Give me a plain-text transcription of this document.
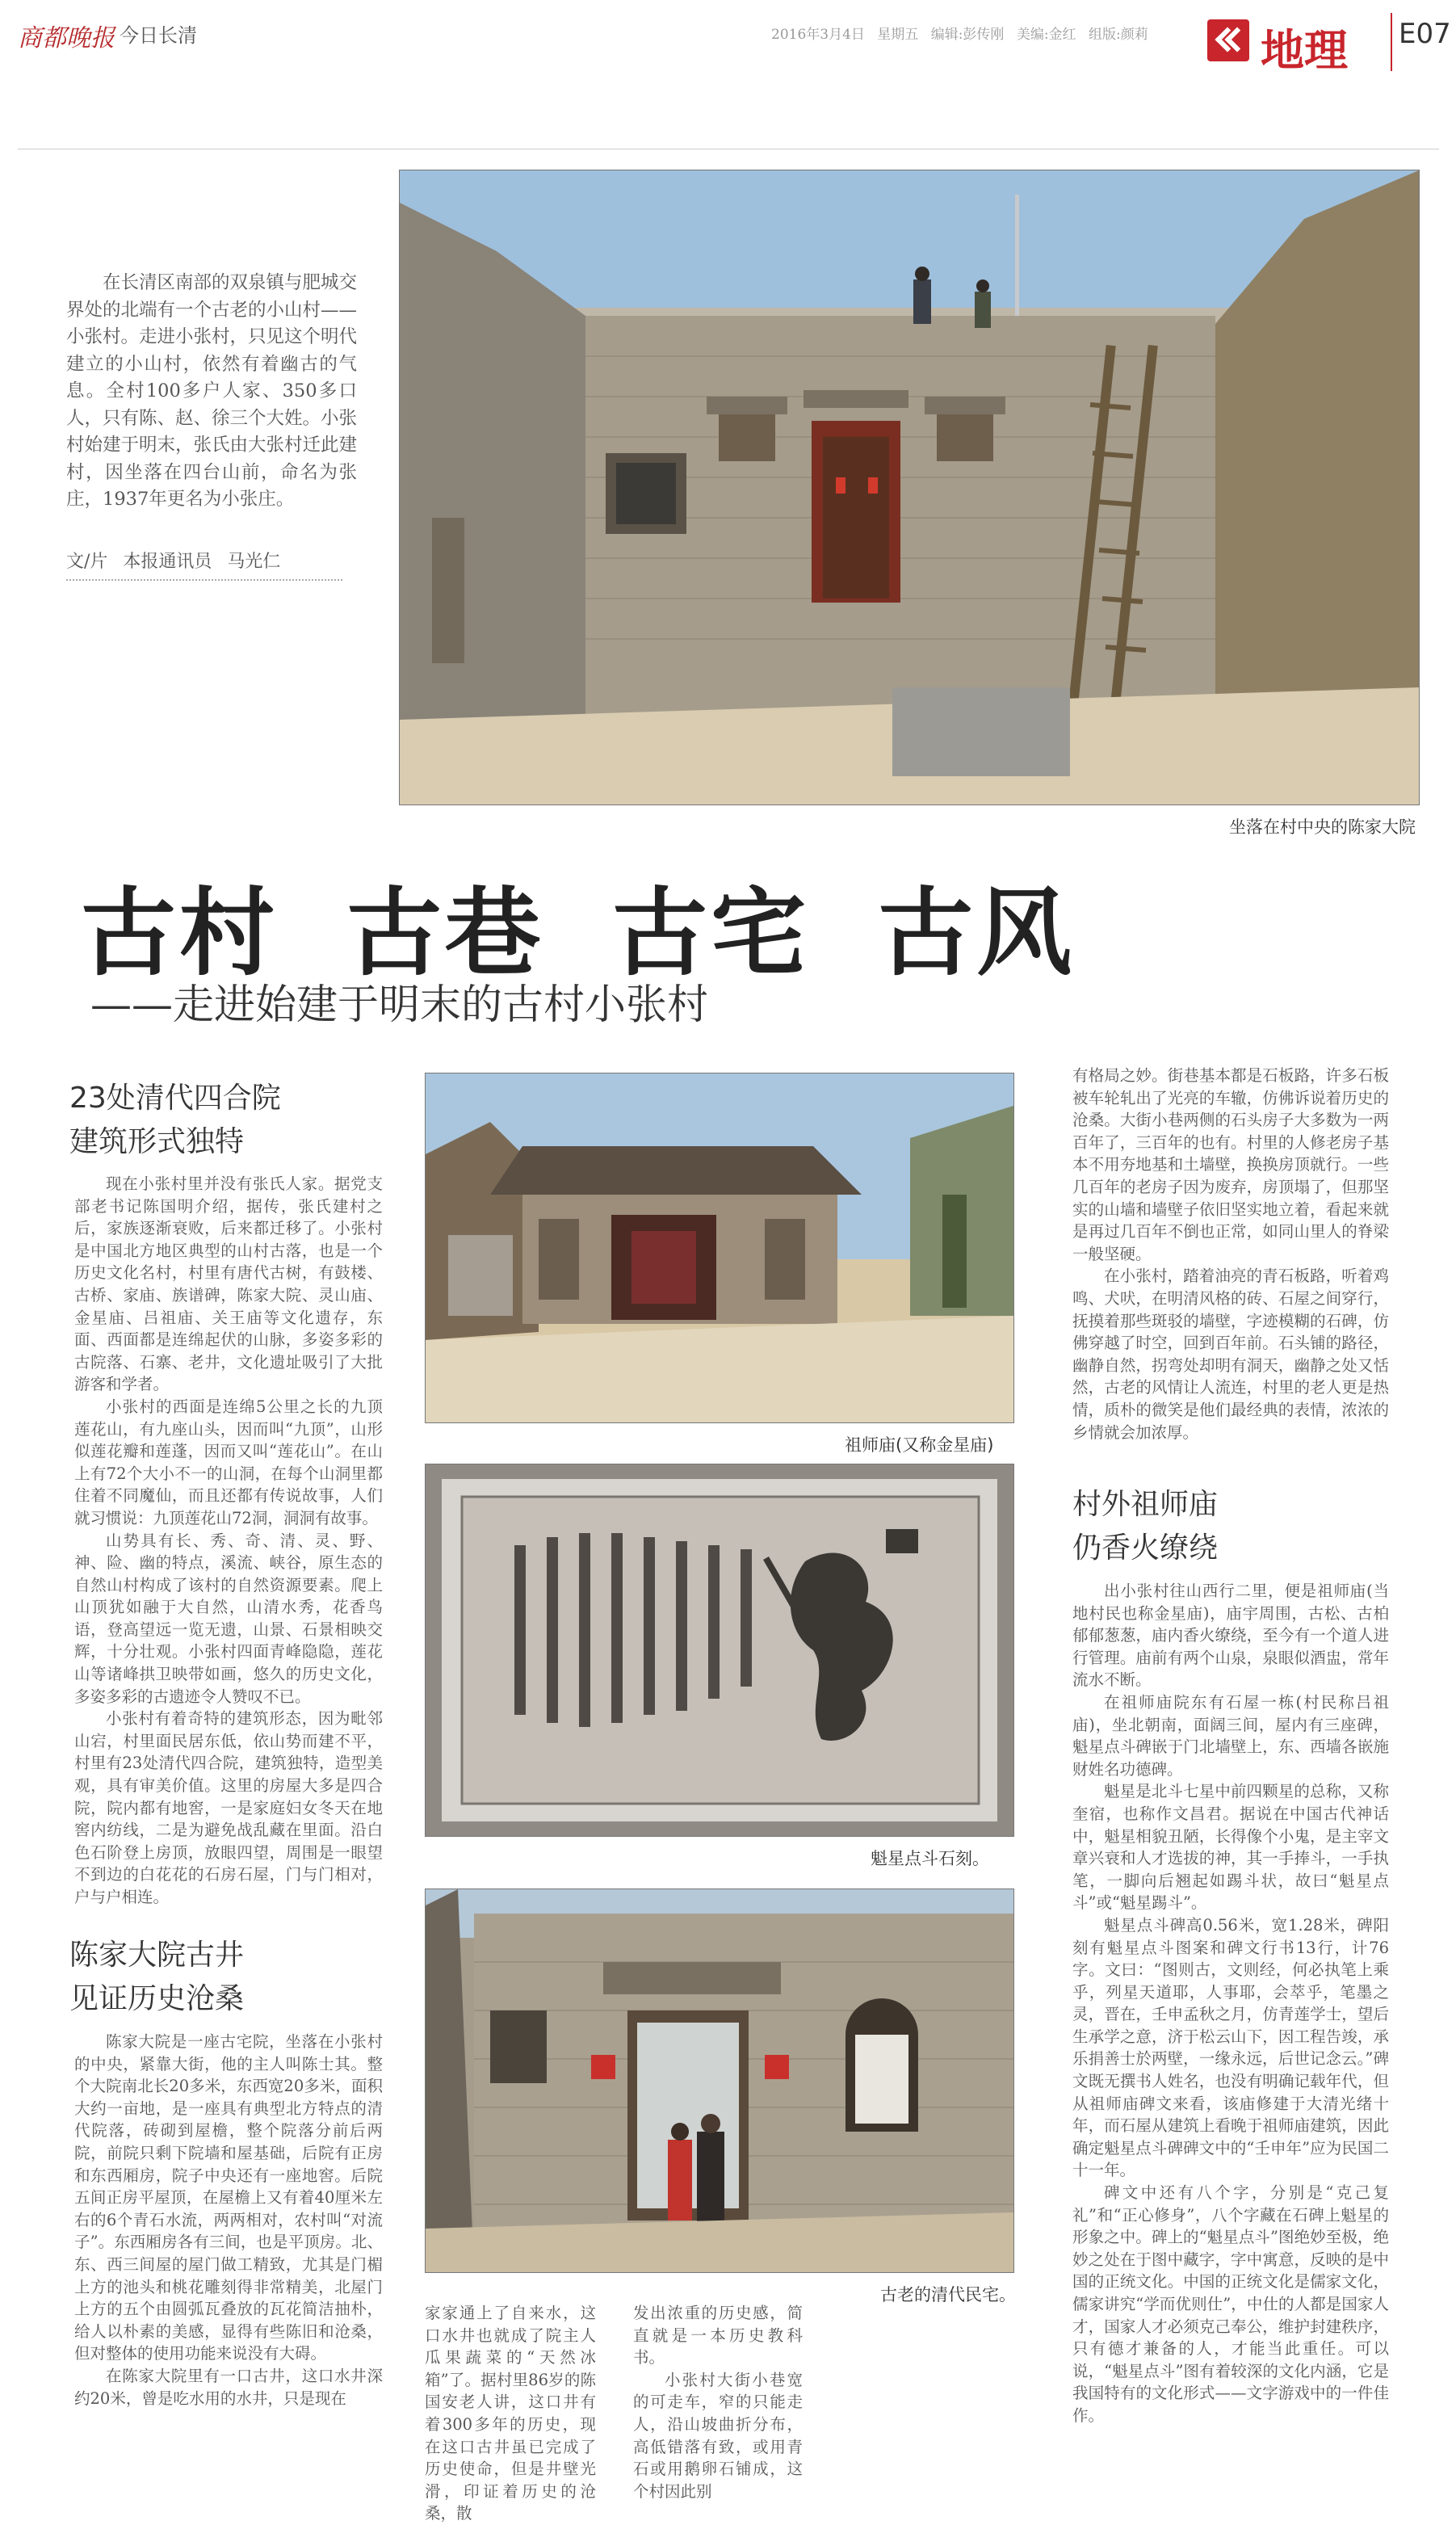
商都晚报 今日长清	2016年3月4日 星期五 编辑:彭传刚 美编:金红 组版:颜莉	地理 E07
在长清区南部的双泉镇与肥城交界处的北端有一个古老的小山村——小张村。走进小张村，只见这个明代建立的小山村，依然有着幽古的气息。全村100多户人家、350多口人，只有陈、赵、徐三个大姓。小张村始建于明末，张氏由大张村迁此建村，因坐落在四台山前，命名为张庄，1937年更名为小张庄。
文/片 本报通讯员 马光仁
坐落在村中央的陈家大院
古村 古巷 古宅 古风
——走进始建于明末的古村小张村
23处清代四合院
建筑形式独特

现在小张村里并没有张氏人家。据党支部老书记陈国明介绍，据传，张氏建村之后，家族逐渐衰败，后来都迁移了。小张村是中国北方地区典型的山村古落，也是一个历史文化名村，村里有唐代古树，有鼓楼、古桥、家庙、族谱碑，陈家大院、灵山庙、金星庙、吕祖庙、关王庙等文化遗存，东面、西面都是连绵起伏的山脉，多姿多彩的古院落、石寨、老井，文化遗址吸引了大批游客和学者。

小张村的西面是连绵5公里之长的九顶莲花山，有九座山头，因而叫“九顶”，山形似莲花瓣和莲蓬，因而又叫“莲花山”。在山上有72个大小不一的山洞，在每个山洞里都住着不同魔仙，而且还都有传说故事，人们就习惯说：九顶莲花山72洞，洞洞有故事。

山势具有长、秀、奇、清、灵、野、神、险、幽的特点，溪流、峡谷，原生态的自然山村构成了该村的自然资源要素。爬上山顶犹如融于大自然，山清水秀，花香鸟语，登高望远一览无遗，山景、石景相映交辉，十分壮观。小张村四面青峰隐隐，莲花山等诸峰拱卫映带如画，悠久的历史文化，多姿多彩的古遗迹令人赞叹不已。

小张村有着奇特的建筑形态，因为毗邻山宕，村里面民居东低，依山势而建不平，村里有23处清代四合院，建筑独特，造型美观，具有审美价值。这里的房屋大多是四合院，院内都有地窖，一是家庭妇女冬天在地窖内纺线，二是为避免战乱藏在里面。沿白色石阶登上房顶，放眼四望，周围是一眼望不到边的白花花的石房石屋，门与门相对，户与户相连。

陈家大院古井
见证历史沧桑

陈家大院是一座古宅院，坐落在小张村的中央，紧靠大街，他的主人叫陈士其。整个大院南北长20多米，东西宽20多米，面积大约一亩地，是一座具有典型北方特点的清代院落，砖砌到屋檐，整个院落分前后两院，前院只剩下院墙和屋基础，后院有正房和东西厢房，院子中央还有一座地窖。后院五间正房平屋顶，在屋檐上又有着40厘米左右的6个青石水流，两两相对，农村叫“对流子”。东西厢房各有三间，也是平顶房。北、东、西三间屋的屋门做工精致，尤其是门楣上方的池头和桃花雕刻得非常精美，北屋门上方的五个由圆弧瓦叠放的瓦花简洁抽朴，给人以朴素的美感，显得有些陈旧和沧桑，但对整体的使用功能来说没有大碍。

在陈家大院里有一口古井，这口水井深约20米，曾是吃水用的水井，只是现在

祖师庙(又称金星庙)
魁星点斗石刻。
古老的清代民宅。

家家通上了自来水，这口水井也就成了院主人瓜果蔬菜的“天然冰箱”了。据村里86岁的陈国安老人讲，这口井有着300多年的历史，现在这口古井虽已完成了历史使命，但是井壁光滑，印证着历史的沧桑，散

发出浓重的历史感，简直就是一本历史教科书。

小张村大街小巷宽的可走车，窄的只能走人，沿山坡曲折分布，高低错落有致，或用青石或用鹅卵石铺成，这个村因此别

有格局之妙。街巷基本都是石板路，许多石板被车轮轧出了光亮的车辙，仿佛诉说着历史的沧桑。大街小巷两侧的石头房子大多数为一两百年了，三百年的也有。村里的人修老房子基本不用夯地基和土墙壁，换换房顶就行。一些几百年的老房子因为废弃，房顶塌了，但那坚实的山墙和墙壁子依旧坚实地立着，看起来就是再过几百年不倒也正常，如同山里人的脊梁一般坚硬。

在小张村，踏着油亮的青石板路，听着鸡鸣、犬吠，在明清风格的砖、石屋之间穿行，抚摸着那些斑驳的墙壁，字迹模糊的石碑，仿佛穿越了时空，回到百年前。石头铺的路径，幽静自然，拐弯处却明有洞天，幽静之处又恬然，古老的风情让人流连，村里的老人更是热情，质朴的微笑是他们最经典的表情，浓浓的乡情就会加浓厚。

村外祖师庙
仍香火缭绕

出小张村往山西行二里，便是祖师庙(当地村民也称金星庙)，庙宇周围，古松、古柏郁郁葱葱，庙内香火缭绕，至今有一个道人进行管理。庙前有两个山泉，泉眼似酒盅，常年流水不断。

在祖师庙院东有石屋一栋(村民称吕祖庙)，坐北朝南，面阔三间，屋内有三座碑，魁星点斗碑嵌于门北墙壁上，东、西墙各嵌施财姓名功德碑。

魁星是北斗七星中前四颗星的总称，又称奎宿，也称作文昌君。据说在中国古代神话中，魁星相貌丑陋，长得像个小鬼，是主宰文章兴衰和人才选拔的神，其一手捧斗，一手执笔，一脚向后翘起如踢斗状，故曰“魁星点斗”或“魁星踢斗”。

魁星点斗碑高0.56米，宽1.28米，碑阳刻有魁星点斗图案和碑文行书13行，计76字。文曰：“图则古，文则经，何必执笔上乘乎，列星天道耶，人事耶，会萃乎，笔墨之灵，晋在，壬申孟秋之月，仿青莲学士，望后生承学之意，济于松云山下，因工程告竣，承乐捐善士於两壁，一缘永远，后世记念云。”碑文既无撰书人姓名，也没有明确记载年代，但从祖师庙碑文来看，该庙修建于大清光绪十年，而石屋从建筑上看晚于祖师庙建筑，因此确定魁星点斗碑碑文中的“壬申年”应为民国二十一年。

碑文中还有八个字，分别是“克己复礼”和“正心修身”，八个字藏在石碑上魁星的形象之中。碑上的“魁星点斗”图绝妙至极，绝妙之处在于图中藏字，字中寓意，反映的是中国的正统文化。中国的正统文化是儒家文化，儒家讲究“学而优则仕”，中仕的人都是国家人才，国家人才必须克己奉公，维护封建秩序，只有德才兼备的人，才能当此重任。可以说，“魁星点斗”图有着较深的文化内涵，它是我国特有的文化形式——文字游戏中的一件佳作。
